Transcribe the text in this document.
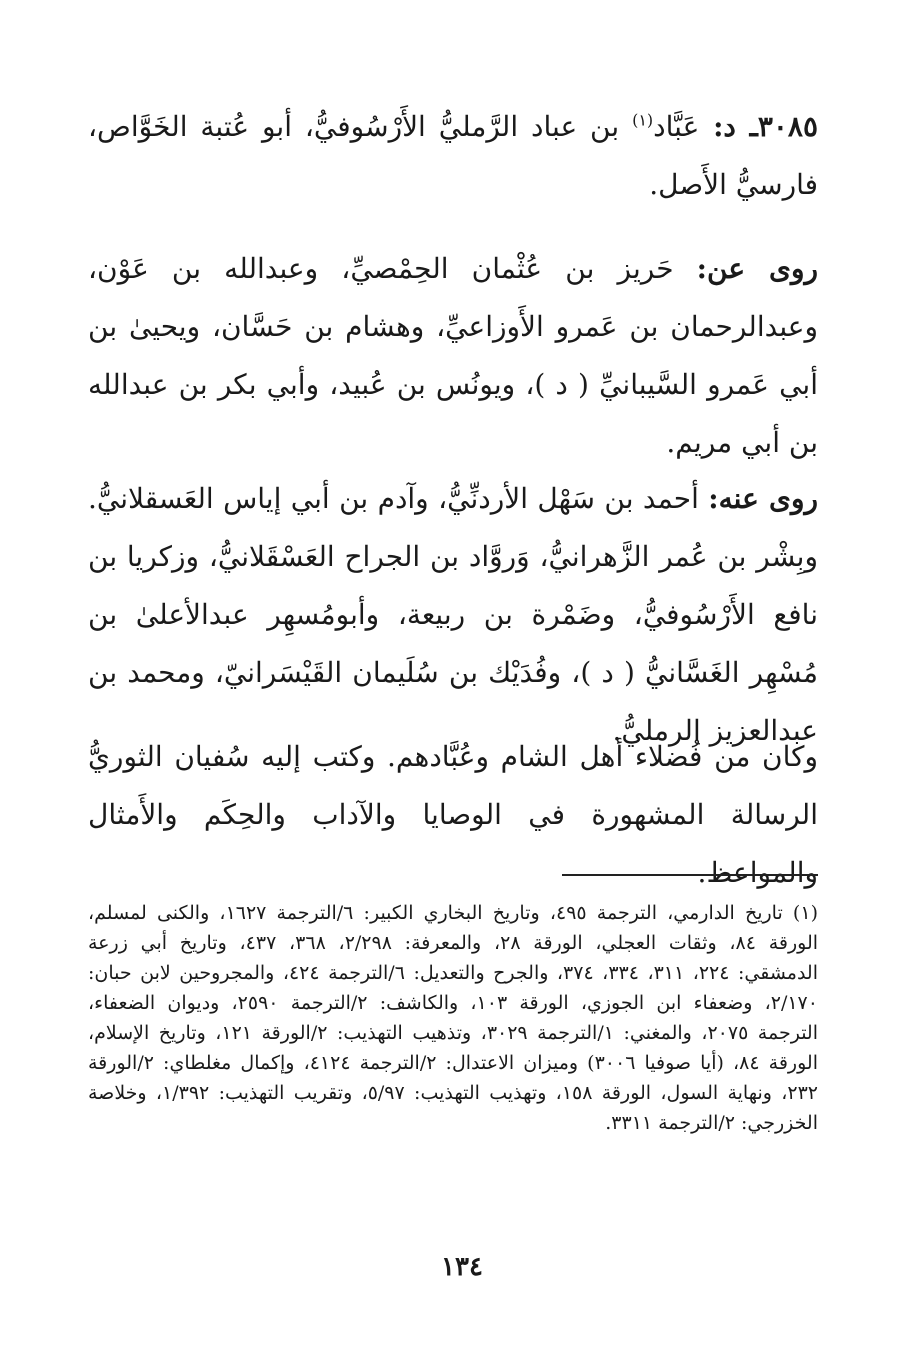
٣٠٨٥ـ د: عَبَّاد$^{(١)}$ بن عباد الرَّمليُّ الأَرْسُوفيُّ، أبو عُتبة الخَوَّاص، فارسيُّ الأَصل.

روى عن: حَريز بن عُثْمان الحِمْصيِّ، وعبدالله بن عَوْن، وعبدالرحمان بن عَمرو الأَوزاعيِّ، وهشام بن حَسَّان، ويحيىٰ بن أبي عَمرو السَّيبانيِّ ( د )، ويونُس بن عُبيد، وأبي بكر بن عبدالله بن أبي مريم.

روى عنه: أحمد بن سَهْل الأردنِّيُّ، وآدم بن أبي إياس العَسقلانيُّ. وبِشْر بن عُمر الزَّهرانيُّ، وَروَّاد بن الجراح العَسْقَلانيُّ، وزكريا بن نافع الأَرْسُوفيُّ، وضَمْرة بن ربيعة، وأبومُسهِر عبدالأعلىٰ بن مُسْهِر الغَسَّانيُّ ( د )، وفُدَيْك بن سُلَيمان القَيْسَرانيّ، ومحمد بن عبدالعزيز الرمليُّ.

وكان من فُضلاء أهل الشام وعُبَّادهم. وكتب إليه سُفيان الثوريُّ الرسالة المشهورة في الوصايا والآداب والحِكَم والأَمثال والمواعظ.

(١) تاريخ الدارمي، الترجمة ٤٩٥، وتاريخ البخاري الكبير: ٦/الترجمة ١٦٢٧، والكنى لمسلم، الورقة ٨٤، وثقات العجلي، الورقة ٢٨، والمعرفة: ٢/٢٩٨، ٣٦٨، ٤٣٧، وتاريخ أبي زرعة الدمشقي: ٢٢٤، ٣١١، ٣٣٤، ٣٧٤، والجرح والتعديل: ٦/الترجمة ٤٢٤، والمجروحين لابن حبان: ٢/١٧٠، وضعفاء ابن الجوزي، الورقة ١٠٣، والكاشف: ٢/الترجمة ٢٥٩٠، وديوان الضعفاء، الترجمة ٢٠٧٥، والمغني: ١/الترجمة ٣٠٢٩، وتذهيب التهذيب: ٢/الورقة ١٢١، وتاريخ الإسلام، الورقة ٨٤، (أيا صوفيا ٣٠٠٦) وميزان الاعتدال: ٢/الترجمة ٤١٢٤، وإكمال مغلطاي: ٢/الورقة ٢٣٢، ونهاية السول، الورقة ١٥٨، وتهذيب التهذيب: ٥/٩٧، وتقريب التهذيب: ١/٣٩٢، وخلاصة الخزرجي: ٢/الترجمة ٣٣١١.
١٣٤
